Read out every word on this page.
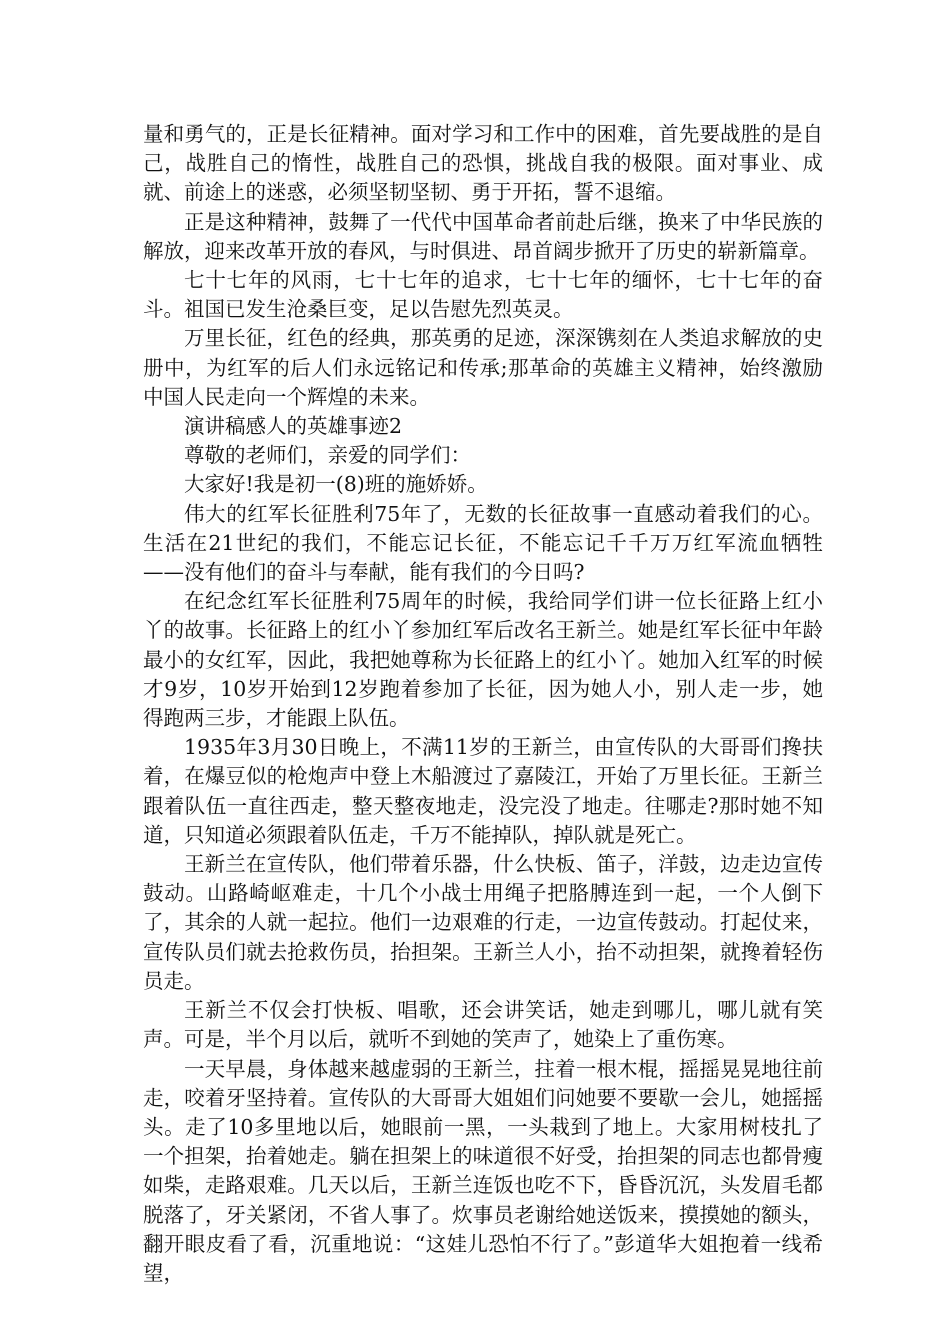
量和勇气的，正是长征精神。面对学习和工作中的困难，首先要战胜的是自己，战胜自己的惰性，战胜自己的恐惧，挑战自我的极限。面对事业、成就、前途上的迷惑，必须坚韧坚韧、勇于开拓，誓不退缩。

正是这种精神，鼓舞了一代代中国革命者前赴后继，换来了中华民族的解放，迎来改革开放的春风，与时俱进、昂首阔步掀开了历史的崭新篇章。

七十七年的风雨，七十七年的追求，七十七年的缅怀，七十七年的奋斗。祖国已发生沧桑巨变，足以告慰先烈英灵。

万里长征，红色的经典，那英勇的足迹，深深镌刻在人类追求解放的史册中，为红军的后人们永远铭记和传承;那革命的英雄主义精神，始终激励中国人民走向一个辉煌的未来。

演讲稿感人的英雄事迹2

尊敬的老师们，亲爱的同学们：

大家好!我是初一(8)班的施娇娇。

伟大的红军长征胜利75年了，无数的长征故事一直感动着我们的心。生活在21世纪的我们，不能忘记长征，不能忘记千千万万红军流血牺牲——没有他们的奋斗与奉献，能有我们的今日吗?

在纪念红军长征胜利75周年的时候，我给同学们讲一位长征路上红小丫的故事。长征路上的红小丫参加红军后改名王新兰。她是红军长征中年龄最小的女红军，因此，我把她尊称为长征路上的红小丫。她加入红军的时候才9岁，10岁开始到12岁跑着参加了长征，因为她人小，别人走一步，她得跑两三步，才能跟上队伍。

1935年3月30日晚上，不满11岁的王新兰，由宣传队的大哥哥们搀扶着，在爆豆似的枪炮声中登上木船渡过了嘉陵江，开始了万里长征。王新兰跟着队伍一直往西走，整天整夜地走，没完没了地走。往哪走?那时她不知道，只知道必须跟着队伍走，千万不能掉队，掉队就是死亡。

王新兰在宣传队，他们带着乐器，什么快板、笛子，洋鼓，边走边宣传鼓动。山路崎岖难走，十几个小战士用绳子把胳膊连到一起，一个人倒下了，其余的人就一起拉。他们一边艰难的行走，一边宣传鼓动。打起仗来，宣传队员们就去抢救伤员，抬担架。王新兰人小，抬不动担架，就搀着轻伤员走。

王新兰不仅会打快板、唱歌，还会讲笑话，她走到哪儿，哪儿就有笑声。可是，半个月以后，就听不到她的笑声了，她染上了重伤寒。

一天早晨，身体越来越虚弱的王新兰，拄着一根木棍，摇摇晃晃地往前走，咬着牙坚持着。宣传队的大哥哥大姐姐们问她要不要歇一会儿，她摇摇头。走了10多里地以后，她眼前一黑，一头栽到了地上。大家用树枝扎了一个担架，抬着她走。躺在担架上的味道很不好受，抬担架的同志也都骨瘦如柴，走路艰难。几天以后，王新兰连饭也吃不下，昏昏沉沉，头发眉毛都脱落了，牙关紧闭，不省人事了。炊事员老谢给她送饭来，摸摸她的额头，翻开眼皮看了看，沉重地说：“这娃儿恐怕不行了。”彭道华大姐抱着一线希望，
